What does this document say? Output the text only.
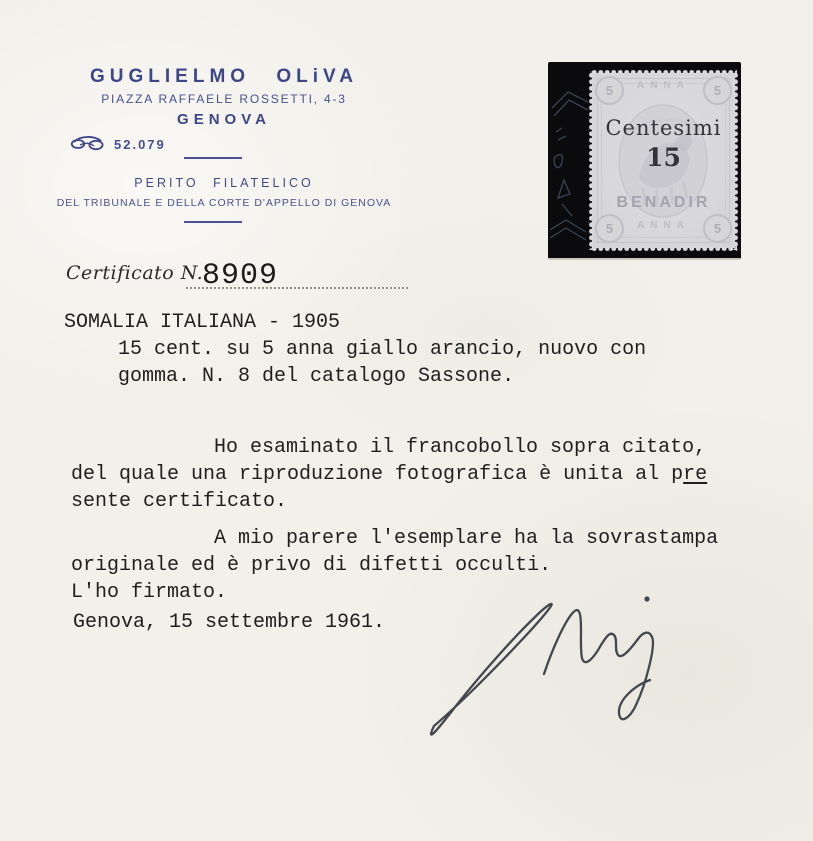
GUGLIELMO OLiVA
PIAZZA RAFFAELE ROSSETTI, 4-3
GENOVA
52.079
PERITO FILATELICO
DEL TRIBUNALE E DELLA CORTE D'APPELLO DI GENOVA
Certificato N.
8909
ANNA
5	5
5	5
Centesimi
15
BENADIR
ANNA
SOMALIA ITALIANA - 1905
15 cent. su 5 anna giallo arancio, nuovo con
gomma. N. 8 del catalogo Sassone.
Ho esaminato il francobollo sopra citato,
del quale una riproduzione fotografica è unita al pre
sente certificato.
A mio parere l'esemplare ha la sovrastampa
originale ed è privo di difetti occulti.
L'ho firmato.
Genova, 15 settembre 1961.
